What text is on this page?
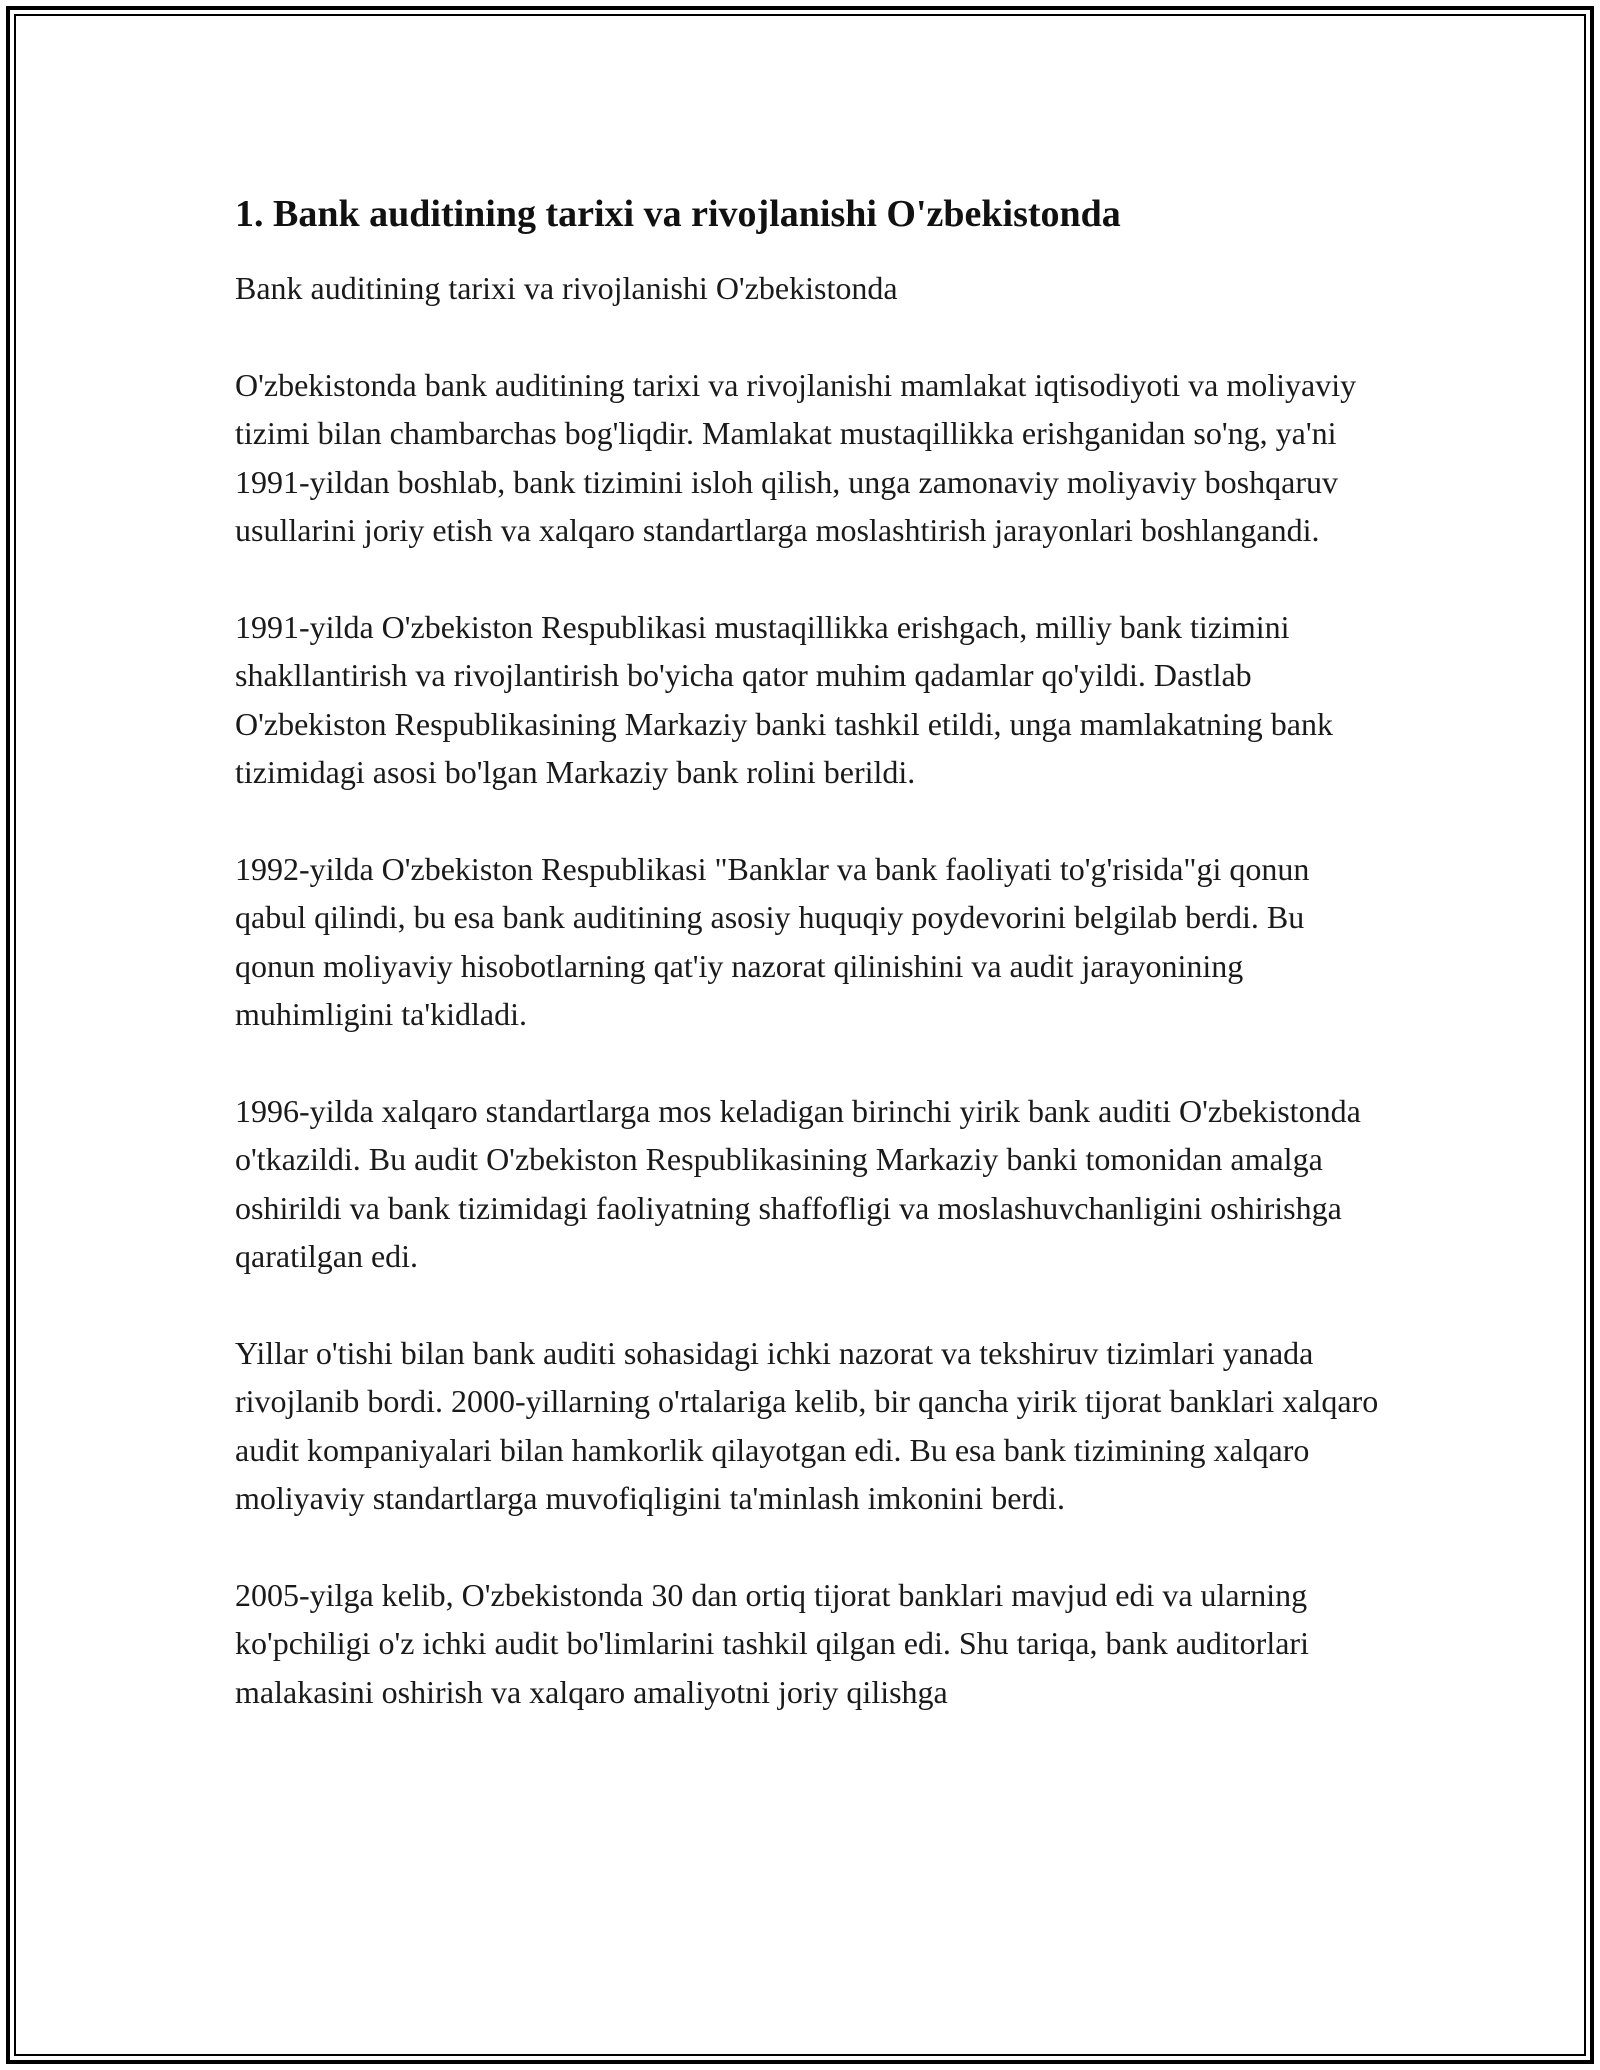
1. Bank auditining tarixi va rivojlanishi O'zbekistonda

Bank auditining tarixi va rivojlanishi O'zbekistonda

O'zbekistonda bank auditining tarixi va rivojlanishi mamlakat iqtisodiyoti va moliyaviy tizimi bilan chambarchas bog'liqdir. Mamlakat mustaqillikka erishganidan so'ng, ya'ni 1991-yildan boshlab, bank tizimini isloh qilish, unga zamonaviy moliyaviy boshqaruv usullarini joriy etish va xalqaro standartlarga moslashtirish jarayonlari boshlangandi.

1991-yilda O'zbekiston Respublikasi mustaqillikka erishgach, milliy bank tizimini shakllantirish va rivojlantirish bo'yicha qator muhim qadamlar qo'yildi. Dastlab O'zbekiston Respublikasining Markaziy banki tashkil etildi, unga mamlakatning bank tizimidagi asosi bo'lgan Markaziy bank rolini berildi.

1992-yilda O'zbekiston Respublikasi "Banklar va bank faoliyati to'g'risida"gi qonun qabul qilindi, bu esa bank auditining asosiy huquqiy poydevorini belgilab berdi. Bu qonun moliyaviy hisobotlarning qat'iy nazorat qilinishini va audit jarayonining muhimligini ta'kidladi.

1996-yilda xalqaro standartlarga mos keladigan birinchi yirik bank auditi O'zbekistonda o'tkazildi. Bu audit O'zbekiston Respublikasining Markaziy banki tomonidan amalga oshirildi va bank tizimidagi faoliyatning shaffofligi va moslashuvchanligini oshirishga qaratilgan edi.

Yillar o'tishi bilan bank auditi sohasidagi ichki nazorat va tekshiruv tizimlari yanada rivojlanib bordi. 2000-yillarning o'rtalariga kelib, bir qancha yirik tijorat banklari xalqaro audit kompaniyalari bilan hamkorlik qilayotgan edi. Bu esa bank tizimining xalqaro moliyaviy standartlarga muvofiqligini ta'minlash imkonini berdi.

2005-yilga kelib, O'zbekistonda 30 dan ortiq tijorat banklari mavjud edi va ularning ko'pchiligi o'z ichki audit bo'limlarini tashkil qilgan edi. Shu tariqa, bank auditorlari malakasini oshirish va xalqaro amaliyotni joriy qilishga
